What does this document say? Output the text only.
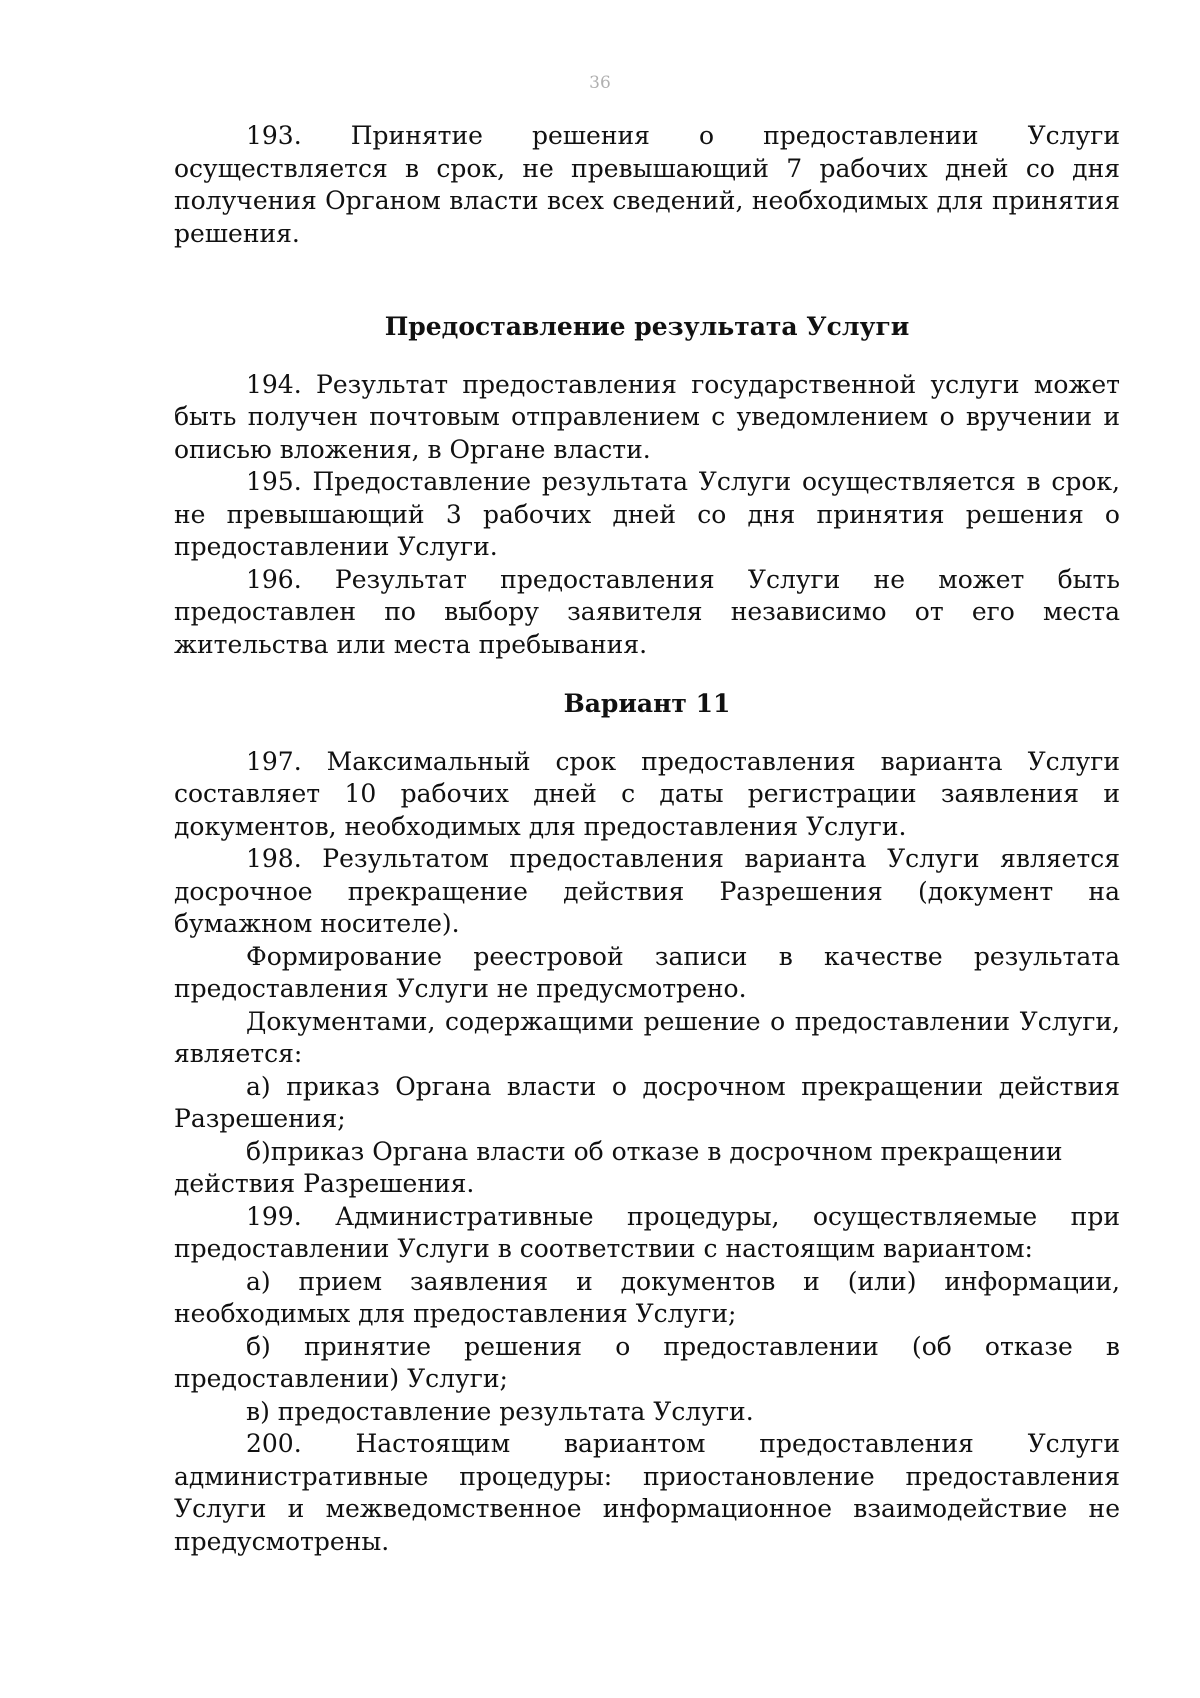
36

193. Принятие решения о предоставлении Услуги осуществляется в срок, не превышающий 7 рабочих дней со дня получения Органом власти всех сведений, необходимых для принятия решения.

Предоставление результата Услуги

194. Результат предоставления государственной услуги может быть получен почтовым отправлением с уведомлением о вручении и описью вложения, в Органе власти.

195. Предоставление результата Услуги осуществляется в срок, не превышающий 3 рабочих дней со дня принятия решения о предоставлении Услуги.

196. Результат предоставления Услуги не может быть предоставлен по выбору заявителя независимо от его места жительства или места пребывания.

Вариант 11

197. Максимальный срок предоставления варианта Услуги составляет 10 рабочих дней с даты регистрации заявления и документов, необходимых для предоставления Услуги.

198. Результатом предоставления варианта Услуги является досрочное прекращение действия Разрешения (документ на бумажном носителе).

Формирование реестровой записи в качестве результата предоставления Услуги не предусмотрено.

Документами, содержащими решение о предоставлении Услуги, является:

а) приказ Органа власти о досрочном прекращении действия Разрешения;

б)приказ Органа власти об отказе в досрочном прекращении действия Разрешения.

199. Административные процедуры, осуществляемые при предоставлении Услуги в соответствии с настоящим вариантом:

а) прием заявления и документов и (или) информации, необходимых для предоставления Услуги;

б) принятие решения о предоставлении (об отказе в предоставлении) Услуги;

в) предоставление результата Услуги.

200. Настоящим вариантом предоставления Услуги административные процедуры: приостановление предоставления Услуги и межведомственное информационное взаимодействие не предусмотрены.
